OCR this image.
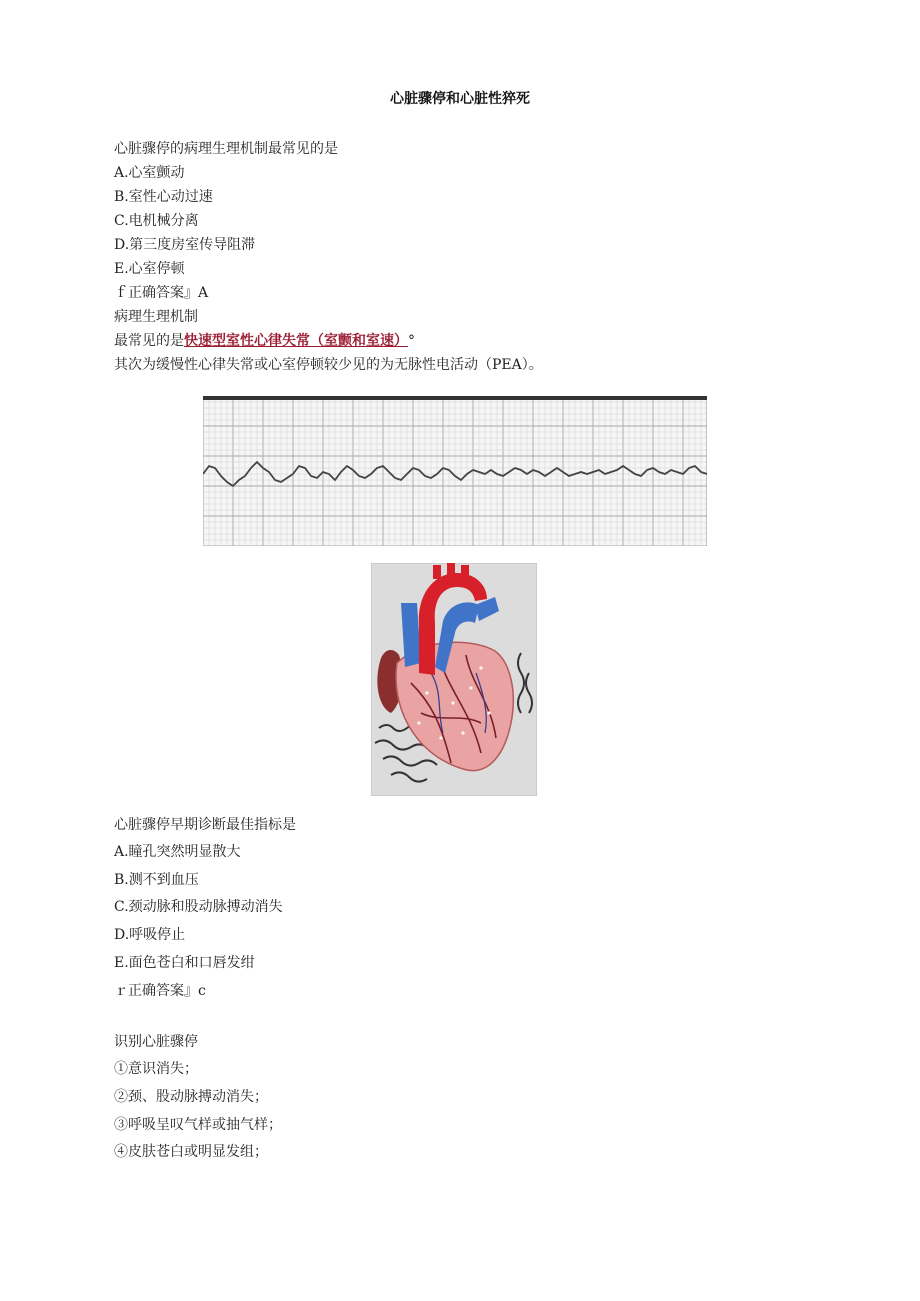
心脏骤停和心脏性猝死
心脏骤停的病理生理机制最常见的是
A.心室颤动
B.室性心动过速
C.电机械分离
D.第三度房室传导阻滞
E.心室停顿
ｆ正确答案』A
病理生理机制
最常见的是快速型室性心律失常（室颤和室速）°
其次为缓慢性心律失常或心室停顿较少见的为无脉性电活动（PEA）。
心脏骤停早期诊断最佳指标是
A.瞳孔突然明显散大
B.测不到血压
C.颈动脉和股动脉搏动消失
D.呼吸停止
E.面色苍白和口唇发绀
ｒ正确答案』c
识别心脏骤停
①意识消失；
②颈、股动脉搏动消失；
③呼吸呈叹气样或抽气样；
④皮肤苍白或明显发组；
